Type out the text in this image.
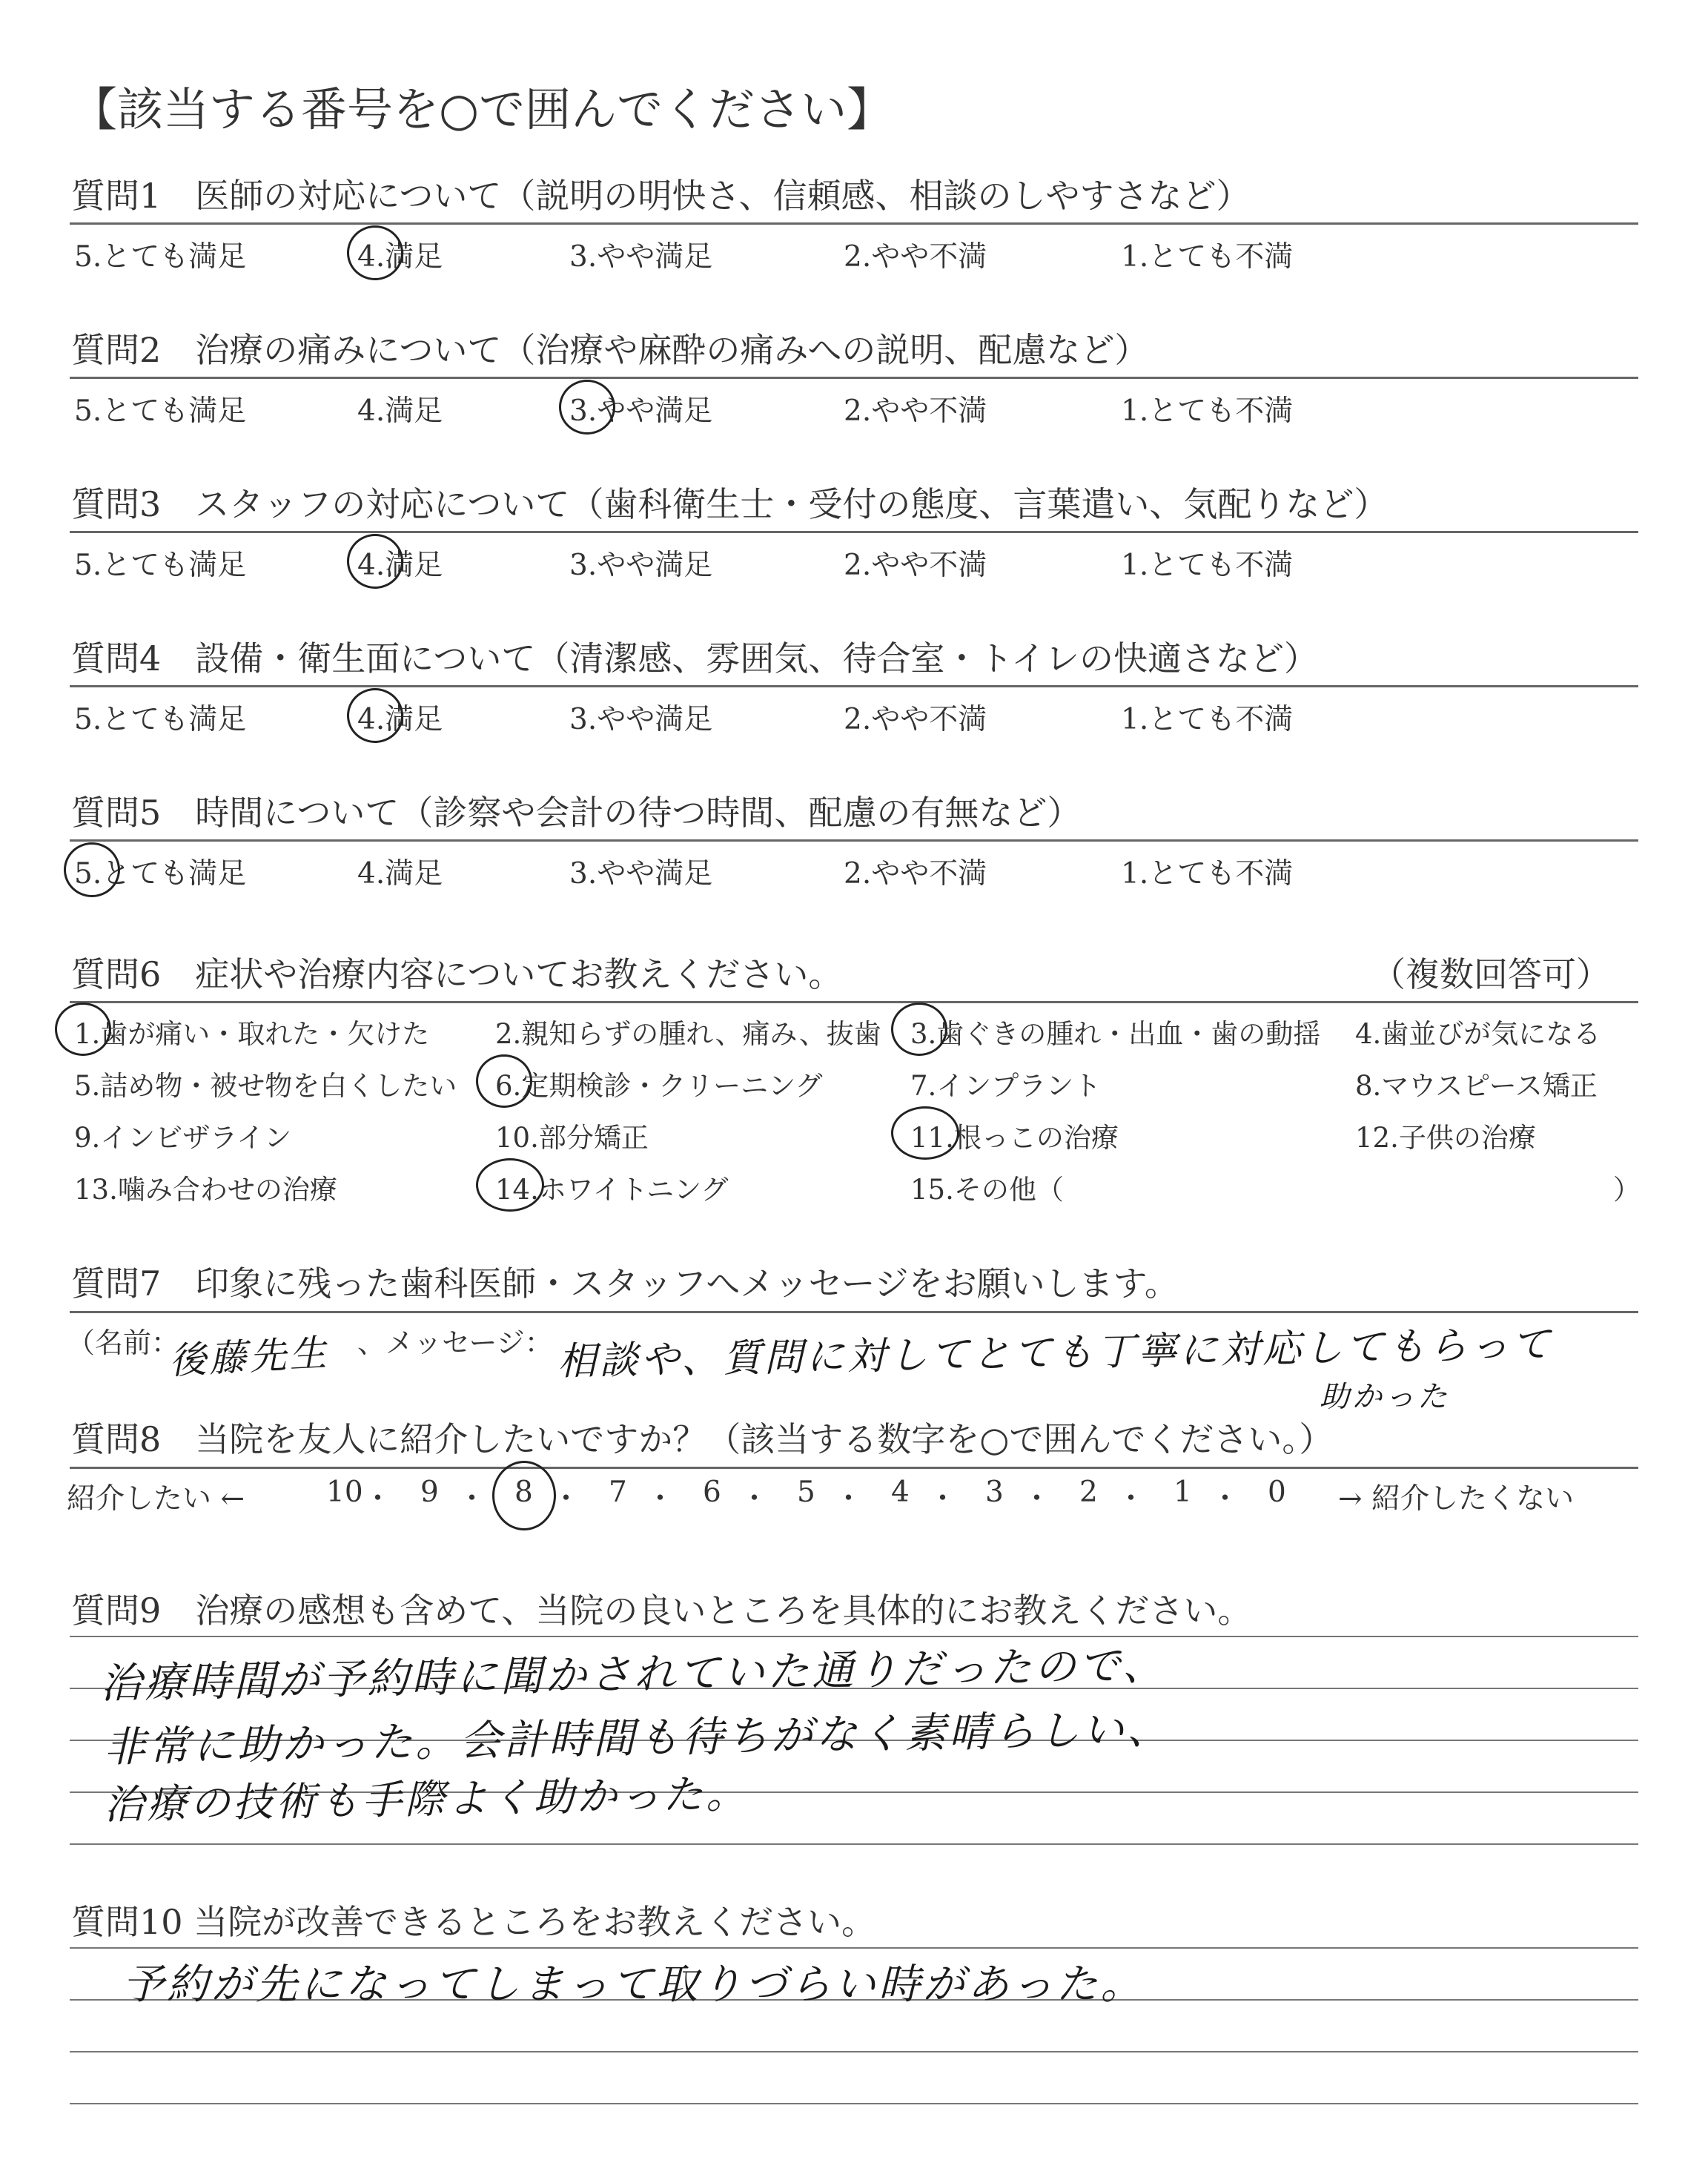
【該当する番号を○で囲んでください】
質問1　医師の対応について（説明の明快さ、信頼感、相談のしやすさなど）
5.とても満足	4.満足	3.やや満足	2.やや不満	1.とても不満
質問2　治療の痛みについて（治療や麻酔の痛みへの説明、配慮など）
5.とても満足	4.満足	3.やや満足	2.やや不満	1.とても不満
質問3　スタッフの対応について（歯科衛生士・受付の態度、言葉遣い、気配りなど）
5.とても満足	4.満足	3.やや満足	2.やや不満	1.とても不満
質問4　設備・衛生面について（清潔感、雰囲気、待合室・トイレの快適さなど）
5.とても満足	4.満足	3.やや満足	2.やや不満	1.とても不満
質問5　時間について（診察や会計の待つ時間、配慮の有無など）
5.とても満足	4.満足	3.やや満足	2.やや不満	1.とても不満
質問6　症状や治療内容についてお教えください。	（複数回答可）
1.歯が痛い・取れた・欠けた 2.親知らずの腫れ、痛み、抜歯 3.歯ぐきの腫れ・出血・歯の動揺 4.歯並びが気になる
5.詰め物・被せ物を白くしたい 6.定期検診・クリーニング	7.インプラント	8.マウスピース矯正
9.インビザライン	10.部分矯正	11.根っこの治療	12.子供の治療
13.噛み合わせの治療	14.ホワイトニング	15.その他（	）
質問7　印象に残った歯科医師・スタッフへメッセージをお願いします。
（名前：
後藤先生 、メッセージ： 相談や、質問に対してとても丁寧に対応してもらって
助かった
質問8　当院を友人に紹介したいですか？（該当する数字を○で囲んでください。）
紹介したい ←	→ 紹介したくない
10 ・ 9 ・ 8 ・ 7 ・ 6 ・ 5 ・ 4 ・ 3 ・ 2 ・ 1 ・ 0
質問9　治療の感想も含めて、当院の良いところを具体的にお教えください。
治療時間が予約時に聞かされていた通りだったので、
非常に助かった。会計時間も待ちがなく素晴らしい、
治療の技術も手際よく助かった。
質問10 当院が改善できるところをお教えください。
予約が先になってしまって取りづらい時があった。
